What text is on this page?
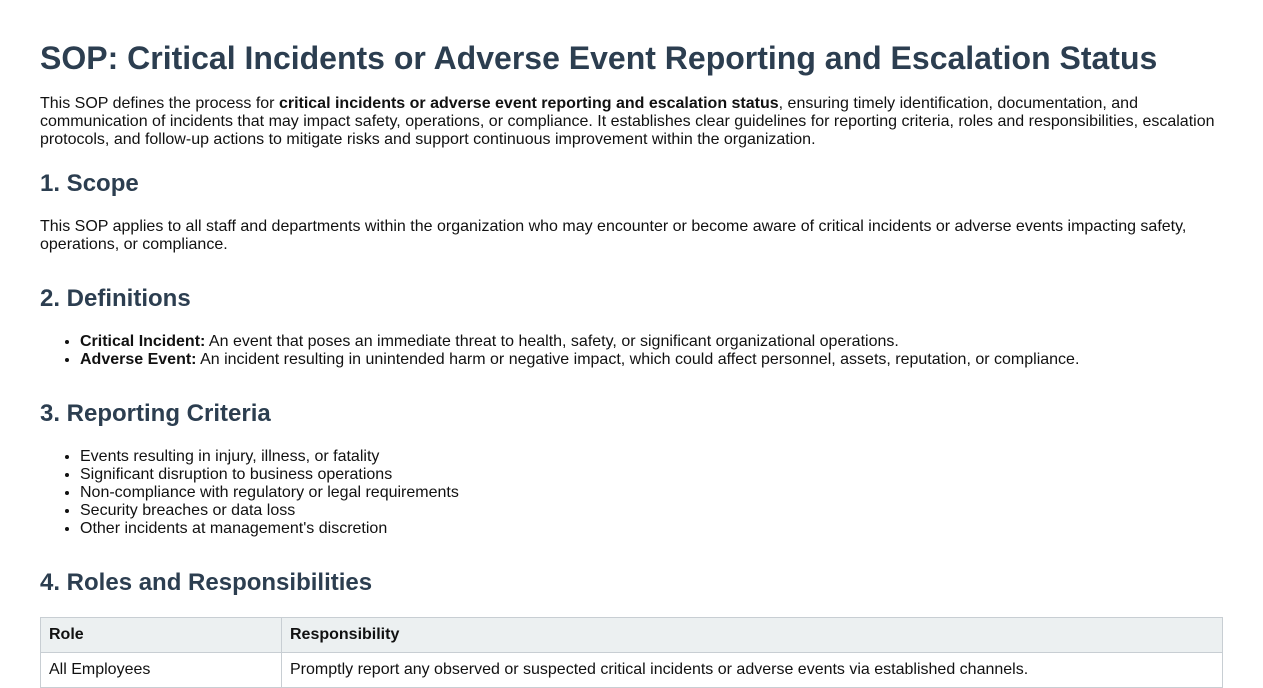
SOP: Critical Incidents or Adverse Event Reporting and Escalation Status

This SOP defines the process for critical incidents or adverse event reporting and escalation status, ensuring timely identification, documentation, and communication of incidents that may impact safety, operations, or compliance. It establishes clear guidelines for reporting criteria, roles and responsibilities, escalation protocols, and follow-up actions to mitigate risks and support continuous improvement within the organization.

1. Scope

This SOP applies to all staff and departments within the organization who may encounter or become aware of critical incidents or adverse events impacting safety, operations, or compliance.

2. Definitions
• Critical Incident: An event that poses an immediate threat to health, safety, or significant organizational operations.
• Adverse Event: An incident resulting in unintended harm or negative impact, which could affect personnel, assets, reputation, or compliance.
3. Reporting Criteria
• Events resulting in injury, illness, or fatality
• Significant disruption to business operations
• Non-compliance with regulatory or legal requirements
• Security breaches or data loss
• Other incidents at management's discretion
4. Roles and Responsibilities
Role	Responsibility
All Employees	Promptly report any observed or suspected critical incidents or adverse events via established channels.
